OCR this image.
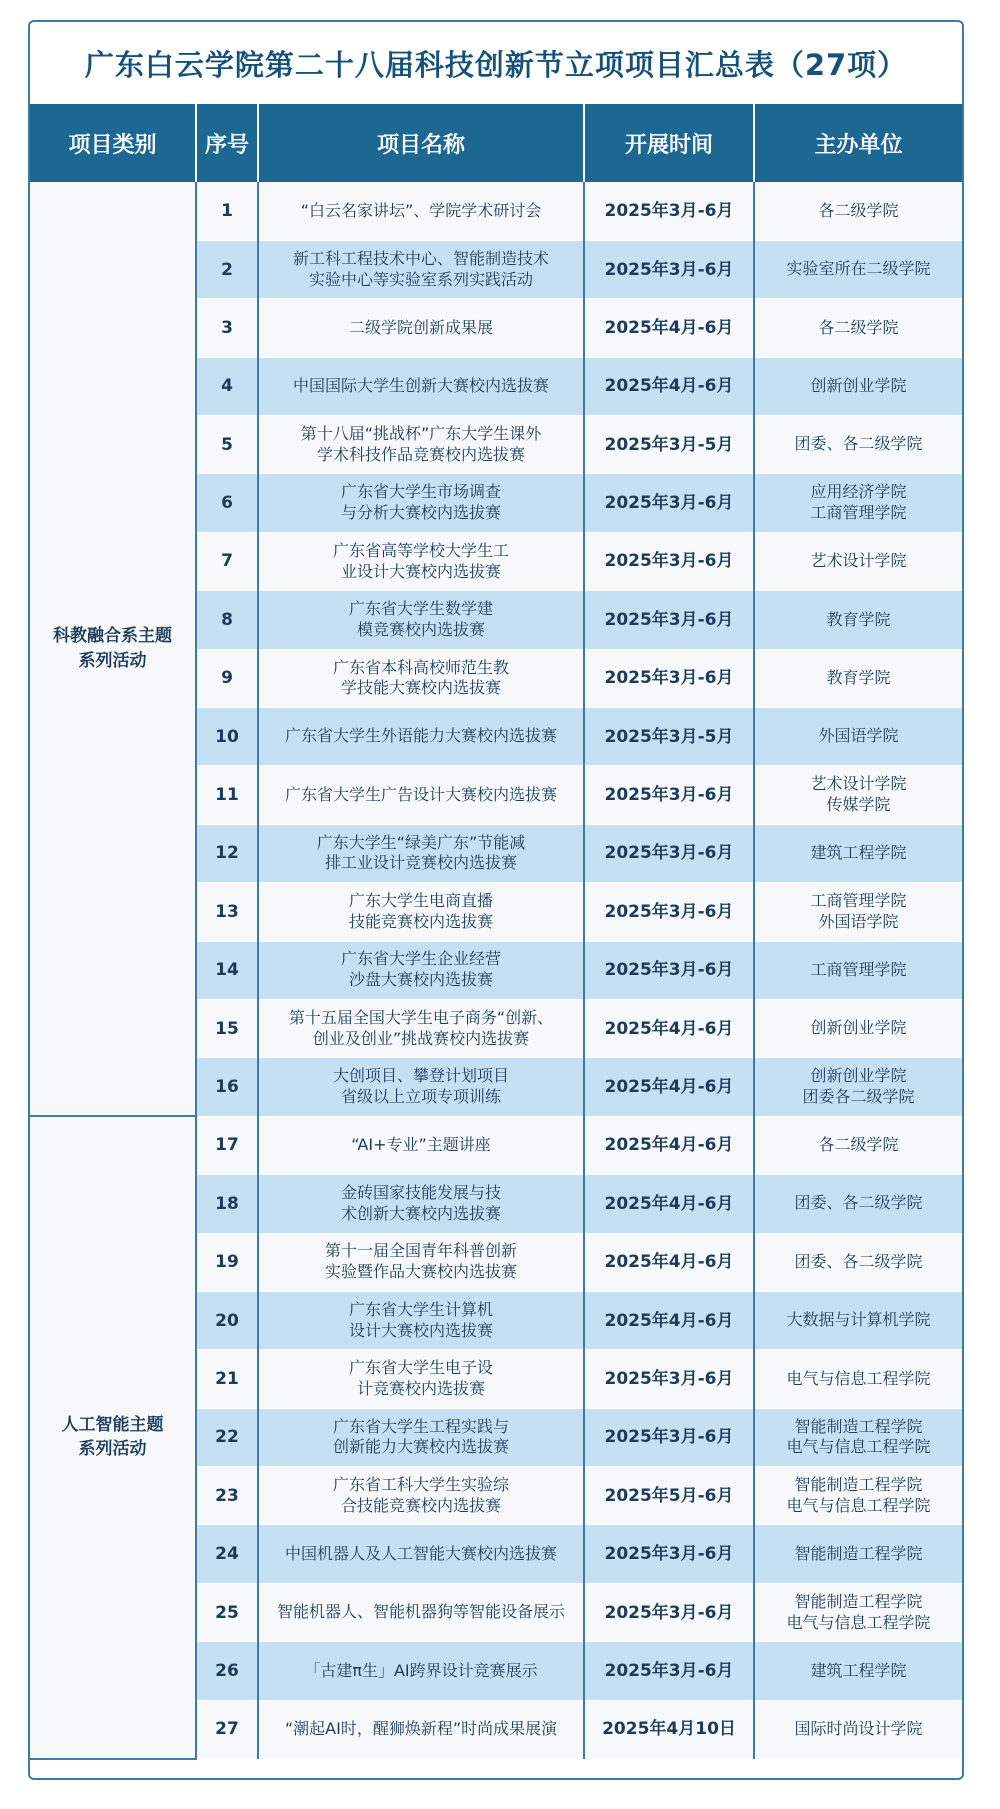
广东白云学院第二十八届科技创新节立项项目汇总表（27项）
项目类别	序号	项目名称	开展时间	主办单位
科教融合系主题
系列活动	1	“白云名家讲坛”、学院学术研讨会	2025年3月-6月	各二级学院
	2	新工科工程技术中心、智能制造技术
实验中心等实验室系列实践活动	2025年3月-6月	实验室所在二级学院
	3	二级学院创新成果展	2025年4月-6月	各二级学院
	4	中国国际大学生创新大赛校内选拔赛	2025年4月-6月	创新创业学院
	5	第十八届“挑战杯”广东大学生课外
学术科技作品竞赛校内选拔赛	2025年3月-5月	团委、各二级学院
	6	广东省大学生市场调查
与分析大赛校内选拔赛	2025年3月-6月	应用经济学院
工商管理学院
	7	广东省高等学校大学生工
业设计大赛校内选拔赛	2025年3月-6月	艺术设计学院
	8	广东省大学生数学建
模竞赛校内选拔赛	2025年3月-6月	教育学院
	9	广东省本科高校师范生教
学技能大赛校内选拔赛	2025年3月-6月	教育学院
	10	广东省大学生外语能力大赛校内选拔赛	2025年3月-5月	外国语学院
	11	广东省大学生广告设计大赛校内选拔赛	2025年3月-6月	艺术设计学院
传媒学院
	12	广东大学生“绿美广东”节能减
排工业设计竞赛校内选拔赛	2025年3月-6月	建筑工程学院
	13	广东大学生电商直播
技能竞赛校内选拔赛	2025年3月-6月	工商管理学院
外国语学院
	14	广东省大学生企业经营
沙盘大赛校内选拔赛	2025年3月-6月	工商管理学院
	15	第十五届全国大学生电子商务“创新、
创业及创业”挑战赛校内选拔赛	2025年4月-6月	创新创业学院
	16	大创项目、攀登计划项目
省级以上立项专项训练	2025年4月-6月	创新创业学院
团委各二级学院
人工智能主题
系列活动	17	“AI+专业”主题讲座	2025年4月-6月	各二级学院
	18	金砖国家技能发展与技
术创新大赛校内选拔赛	2025年4月-6月	团委、各二级学院
	19	第十一届全国青年科普创新
实验暨作品大赛校内选拔赛	2025年4月-6月	团委、各二级学院
	20	广东省大学生计算机
设计大赛校内选拔赛	2025年4月-6月	大数据与计算机学院
	21	广东省大学生电子设
计竞赛校内选拔赛	2025年3月-6月	电气与信息工程学院
	22	广东省大学生工程实践与
创新能力大赛校内选拔赛	2025年3月-6月	智能制造工程学院
电气与信息工程学院
	23	广东省工科大学生实验综
合技能竞赛校内选拔赛	2025年5月-6月	智能制造工程学院
电气与信息工程学院
	24	中国机器人及人工智能大赛校内选拔赛	2025年3月-6月	智能制造工程学院
	25	智能机器人、智能机器狗等智能设备展示	2025年3月-6月	智能制造工程学院
电气与信息工程学院
	26	「古建π生」AI跨界设计竞赛展示	2025年3月-6月	建筑工程学院
	27	“潮起AI时，醒狮焕新程”时尚成果展演	2025年4月10日	国际时尚设计学院
